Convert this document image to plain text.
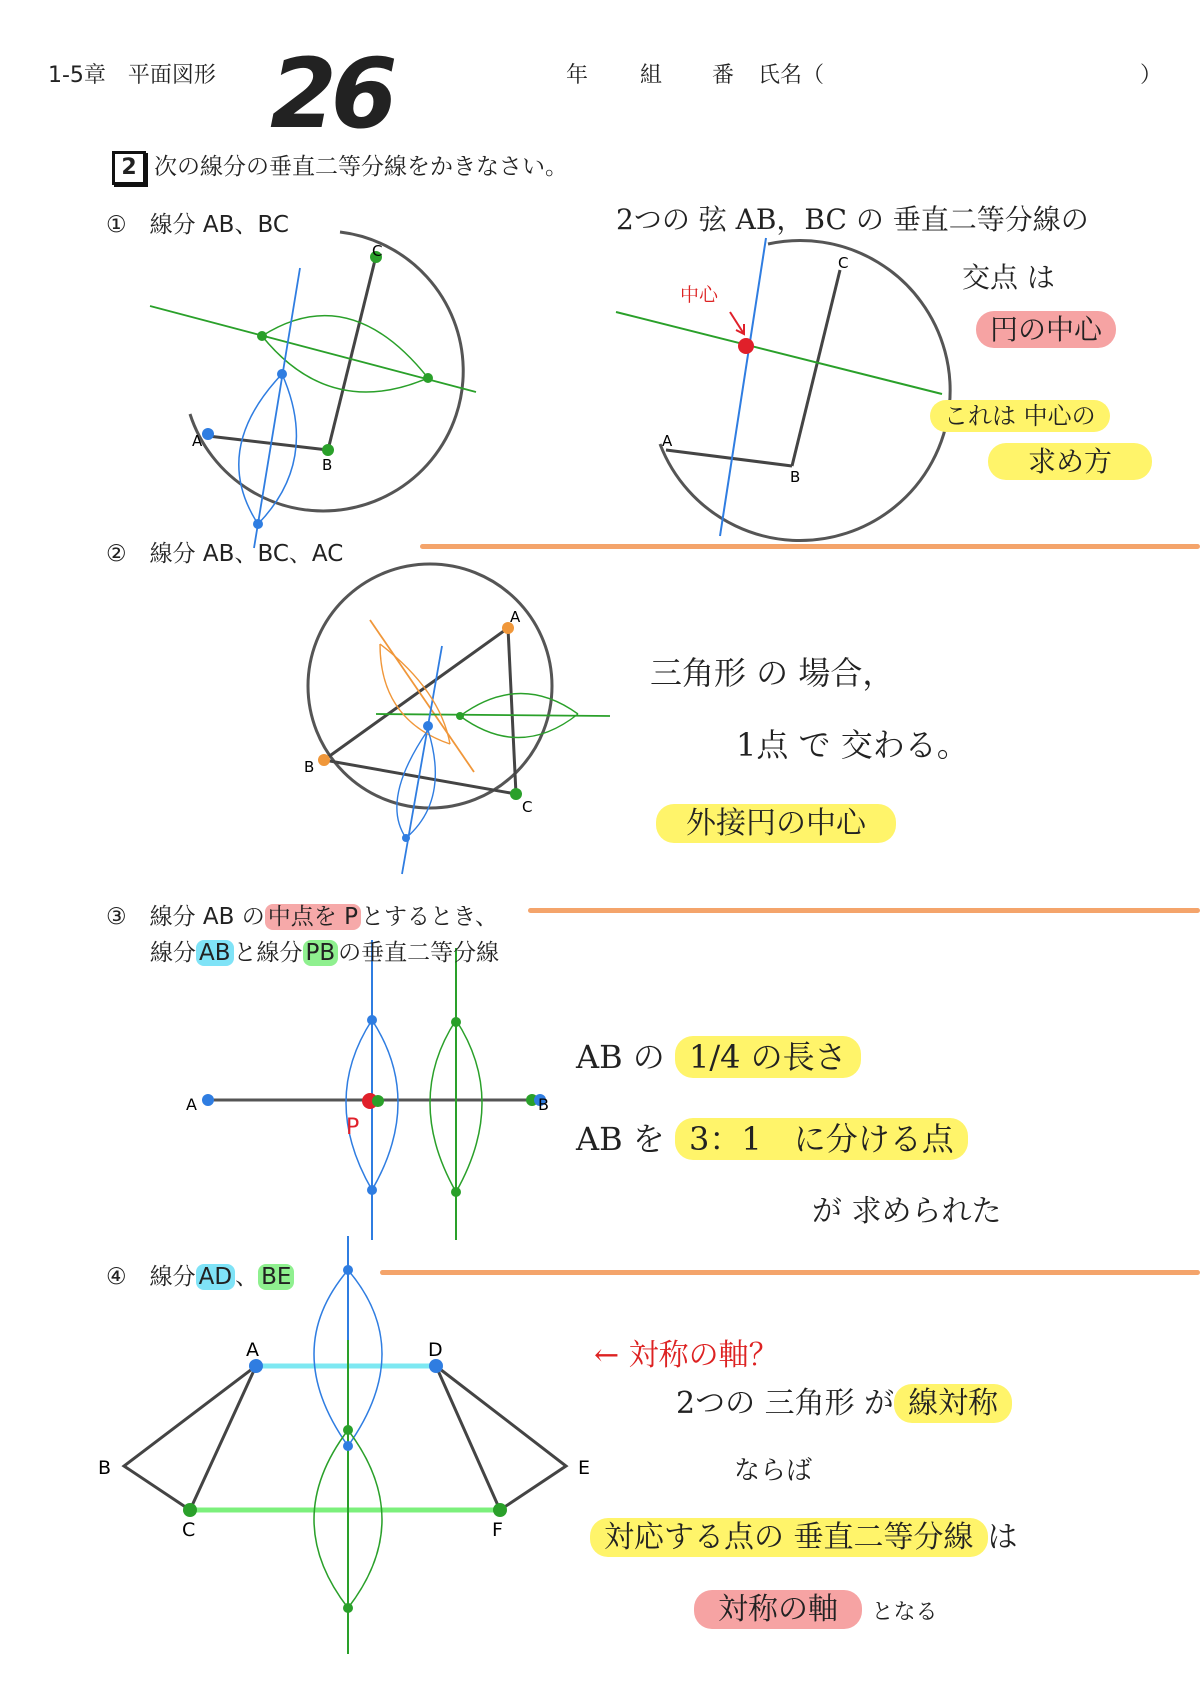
1-5章　平面図形 26	年 組 番 氏名（	）
2 次の線分の垂直二等分線をかきなさい。
①　線分 AB、BC
A
B
C
A
B
C
A
B
C
A	B
P
A	D
B	E
C	F
2つの 弦 AB，BC の 垂直二等分線の
交点 は
円の中心
これは 中心の
求め方
中心
②　線分 AB、BC、AC
三角形 の 場合，
1点 で 交わる。
外接円の中心
③　線分 AB の 中点を P とするとき、
線分 AB と線分 PB の垂直二等分線
AB の 1/4 の長さ
AB を 3：1　に分ける点
が 求められた
④　線分 AD 、 BE
← 対称の軸？
2つの 三角形 が 線対称
ならば
対応する点の 垂直二等分線 は
対称の軸 となる
